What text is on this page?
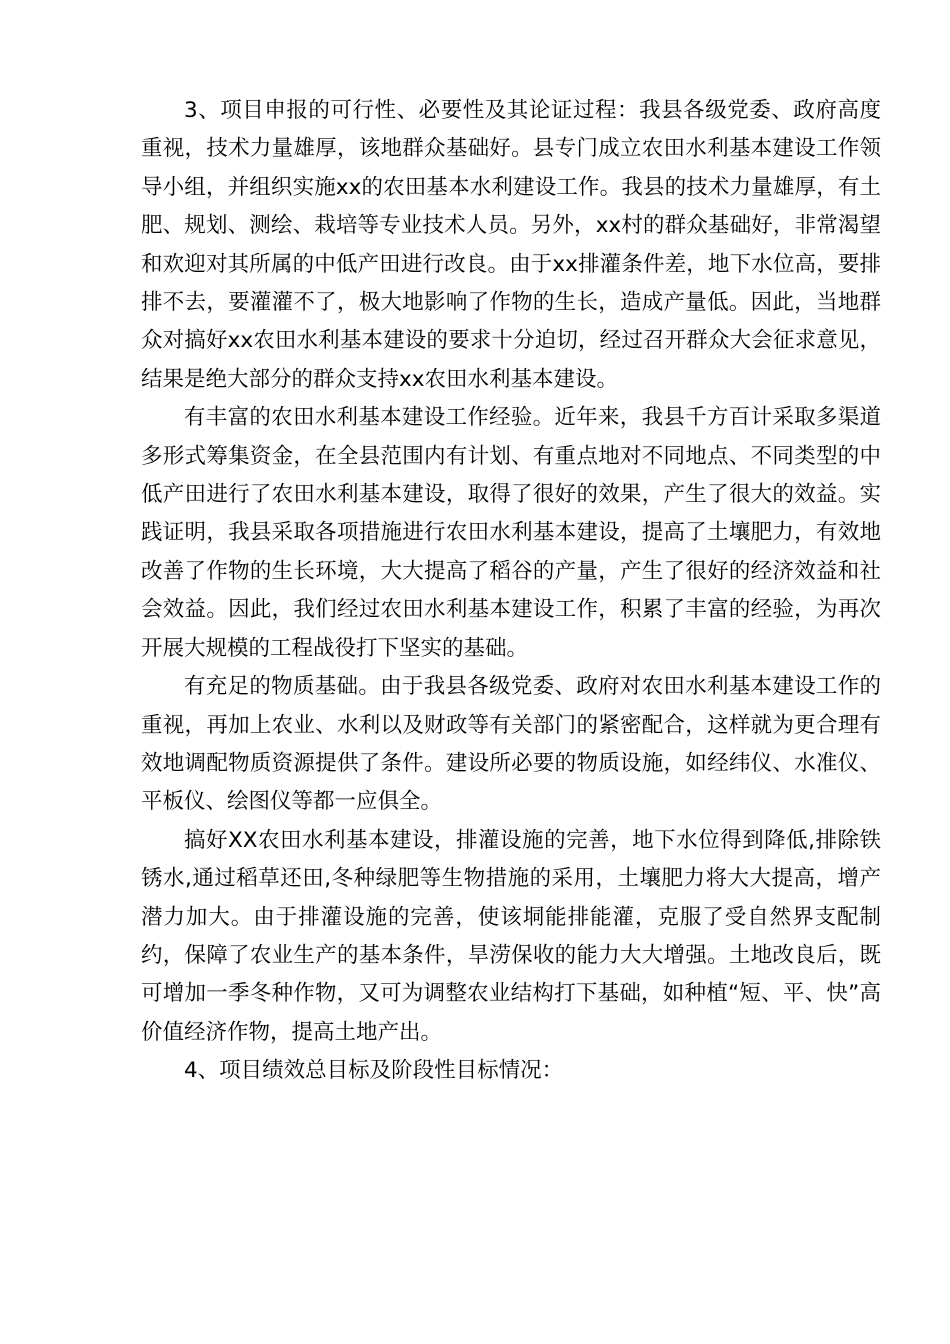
3、项目申报的可行性、必要性及其论证过程：我县各级党委、政府高度重视，技术力量雄厚，该地群众基础好。县专门成立农田水利基本建设工作领导小组，并组织实施xx的农田基本水利建设工作。我县的技术力量雄厚，有土肥、规划、测绘、栽培等专业技术人员。另外，xx村的群众基础好，非常渴望和欢迎对其所属的中低产田进行改良。由于xx排灌条件差，地下水位高，要排排不去，要灌灌不了，极大地影响了作物的生长，造成产量低。因此，当地群众对搞好xx农田水利基本建设的要求十分迫切，经过召开群众大会征求意见，结果是绝大部分的群众支持xx农田水利基本建设。

有丰富的农田水利基本建设工作经验。近年来，我县千方百计采取多渠道多形式筹集资金，在全县范围内有计划、有重点地对不同地点、不同类型的中低产田进行了农田水利基本建设，取得了很好的效果，产生了很大的效益。实践证明，我县采取各项措施进行农田水利基本建设，提高了土壤肥力，有效地改善了作物的生长环境，大大提高了稻谷的产量，产生了很好的经济效益和社会效益。因此，我们经过农田水利基本建设工作，积累了丰富的经验，为再次开展大规模的工程战役打下坚实的基础。

有充足的物质基础。由于我县各级党委、政府对农田水利基本建设工作的重视，再加上农业、水利以及财政等有关部门的紧密配合，这样就为更合理有效地调配物质资源提供了条件。建设所必要的物质设施，如经纬仪、水准仪、平板仪、绘图仪等都一应俱全。

搞好XX农田水利基本建设，排灌设施的完善，地下水位得到降低,排除铁锈水,通过稻草还田,冬种绿肥等生物措施的采用，土壤肥力将大大提高，增产潜力加大。由于排灌设施的完善，使该垌能排能灌，克服了受自然界支配制约，保障了农业生产的基本条件，旱涝保收的能力大大增强。土地改良后，既可增加一季冬种作物，又可为调整农业结构打下基础，如种植“短、平、快”高价值经济作物，提高土地产出。

4、项目绩效总目标及阶段性目标情况：
